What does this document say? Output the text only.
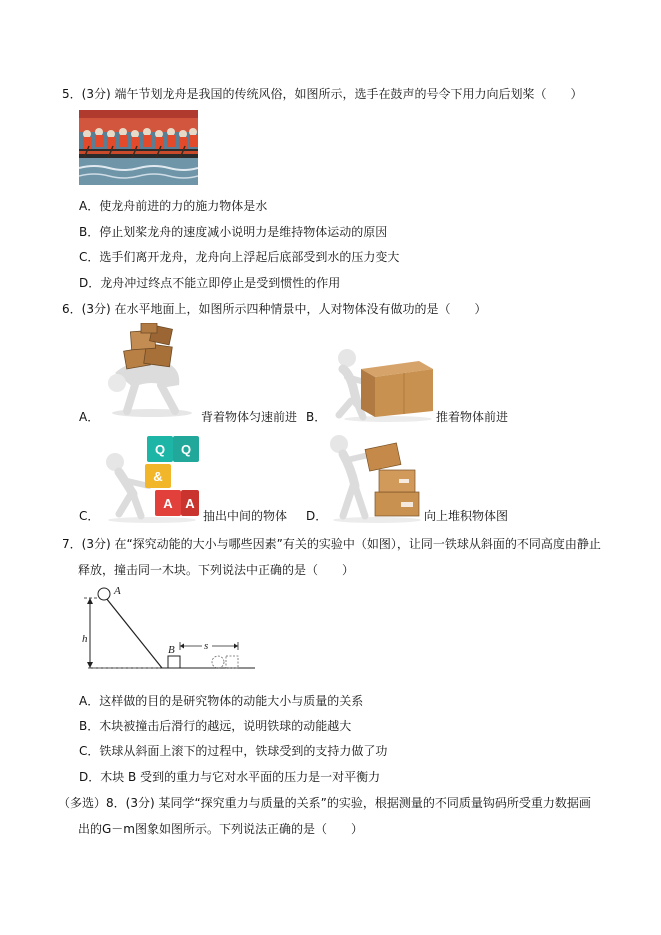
5．(3分) 端午节划龙舟是我国的传统风俗，如图所示，选手在鼓声的号令下用力向后划桨（　　）
A．使龙舟前进的力的施力物体是水
B．停止划桨龙舟的速度减小说明力是维持物体运动的原因
C．选手们离开龙舟，龙舟向上浮起后底部受到水的压力变大
D．龙舟冲过终点不能立即停止是受到惯性的作用
6．(3分) 在水平地面上，如图所示四种情景中，人对物体没有做功的是（　　）
A．	背着物体匀速前进 B．	推着物体前进
C．
Q Q
&
A A
抽出中间的物体 D．	向上堆积物体图
7．(3分) 在“探究动能的大小与哪些因素”有关的实验中（如图），让同一铁球从斜面的不同高度由静止
释放，撞击同一木块。下列说法中正确的是（　　）
A
h
B	s
A．这样做的目的是研究物体的动能大小与质量的关系
B．木块被撞击后滑行的越远，说明铁球的动能越大
C．铁球从斜面上滚下的过程中，铁球受到的支持力做了功
D．木块 B 受到的重力与它对水平面的压力是一对平衡力
（多选）8．(3分) 某同学“探究重力与质量的关系”的实验，根据测量的不同质量钩码所受重力数据画
出的G－m图象如图所示。下列说法正确的是（　　）
